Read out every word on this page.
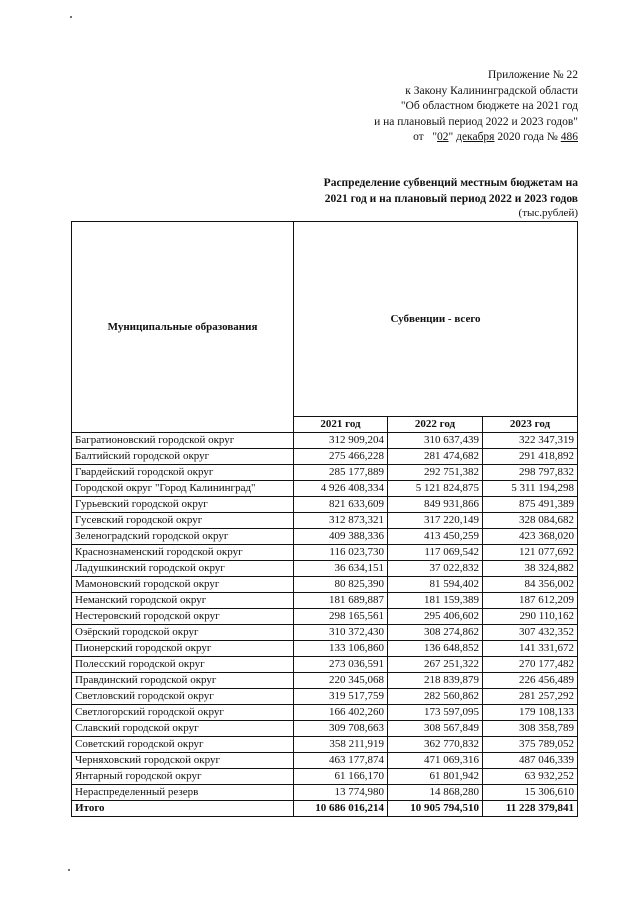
Приложение № 22
к Закону Калининградской области
"Об областном бюджете на 2021 год
и на плановый период 2022 и 2023 годов"
от "02" декабря 2020 года № 486
Распределение субвенций местным бюджетам на
2021 год и на плановый период 2022 и 2023 годов
(тыс.рублей)
Муниципальные образования	Субвенции - всего		
	2021 год	2022 год	2023 год
Багратионовский городской округ	312 909,204	310 637,439	322 347,319
Балтийский городской округ	275 466,228	281 474,682	291 418,892
Гвардейский городской округ	285 177,889	292 751,382	298 797,832
Городской округ "Город Калининград"	4 926 408,334	5 121 824,875	5 311 194,298
Гурьевский городской округ	821 633,609	849 931,866	875 491,389
Гусевский городской округ	312 873,321	317 220,149	328 084,682
Зеленоградский городской округ	409 388,336	413 450,259	423 368,020
Краснознаменский городской округ	116 023,730	117 069,542	121 077,692
Ладушкинский городской округ	36 634,151	37 022,832	38 324,882
Мамоновский городской округ	80 825,390	81 594,402	84 356,002
Неманский городской округ	181 689,887	181 159,389	187 612,209
Нестеровский городской округ	298 165,561	295 406,602	290 110,162
Озёрский городской округ	310 372,430	308 274,862	307 432,352
Пионерский городской округ	133 106,860	136 648,852	141 331,672
Полесский городской округ	273 036,591	267 251,322	270 177,482
Правдинский городской округ	220 345,068	218 839,879	226 456,489
Светловский городской округ	319 517,759	282 560,862	281 257,292
Светлогорский городской округ	166 402,260	173 597,095	179 108,133
Славский городской округ	309 708,663	308 567,849	308 358,789
Советский городской округ	358 211,919	362 770,832	375 789,052
Черняховский городской округ	463 177,874	471 069,316	487 046,339
Янтарный городской округ	61 166,170	61 801,942	63 932,252
Нераспределенный резерв	13 774,980	14 868,280	15 306,610
Итого	10 686 016,214	10 905 794,510	11 228 379,841
